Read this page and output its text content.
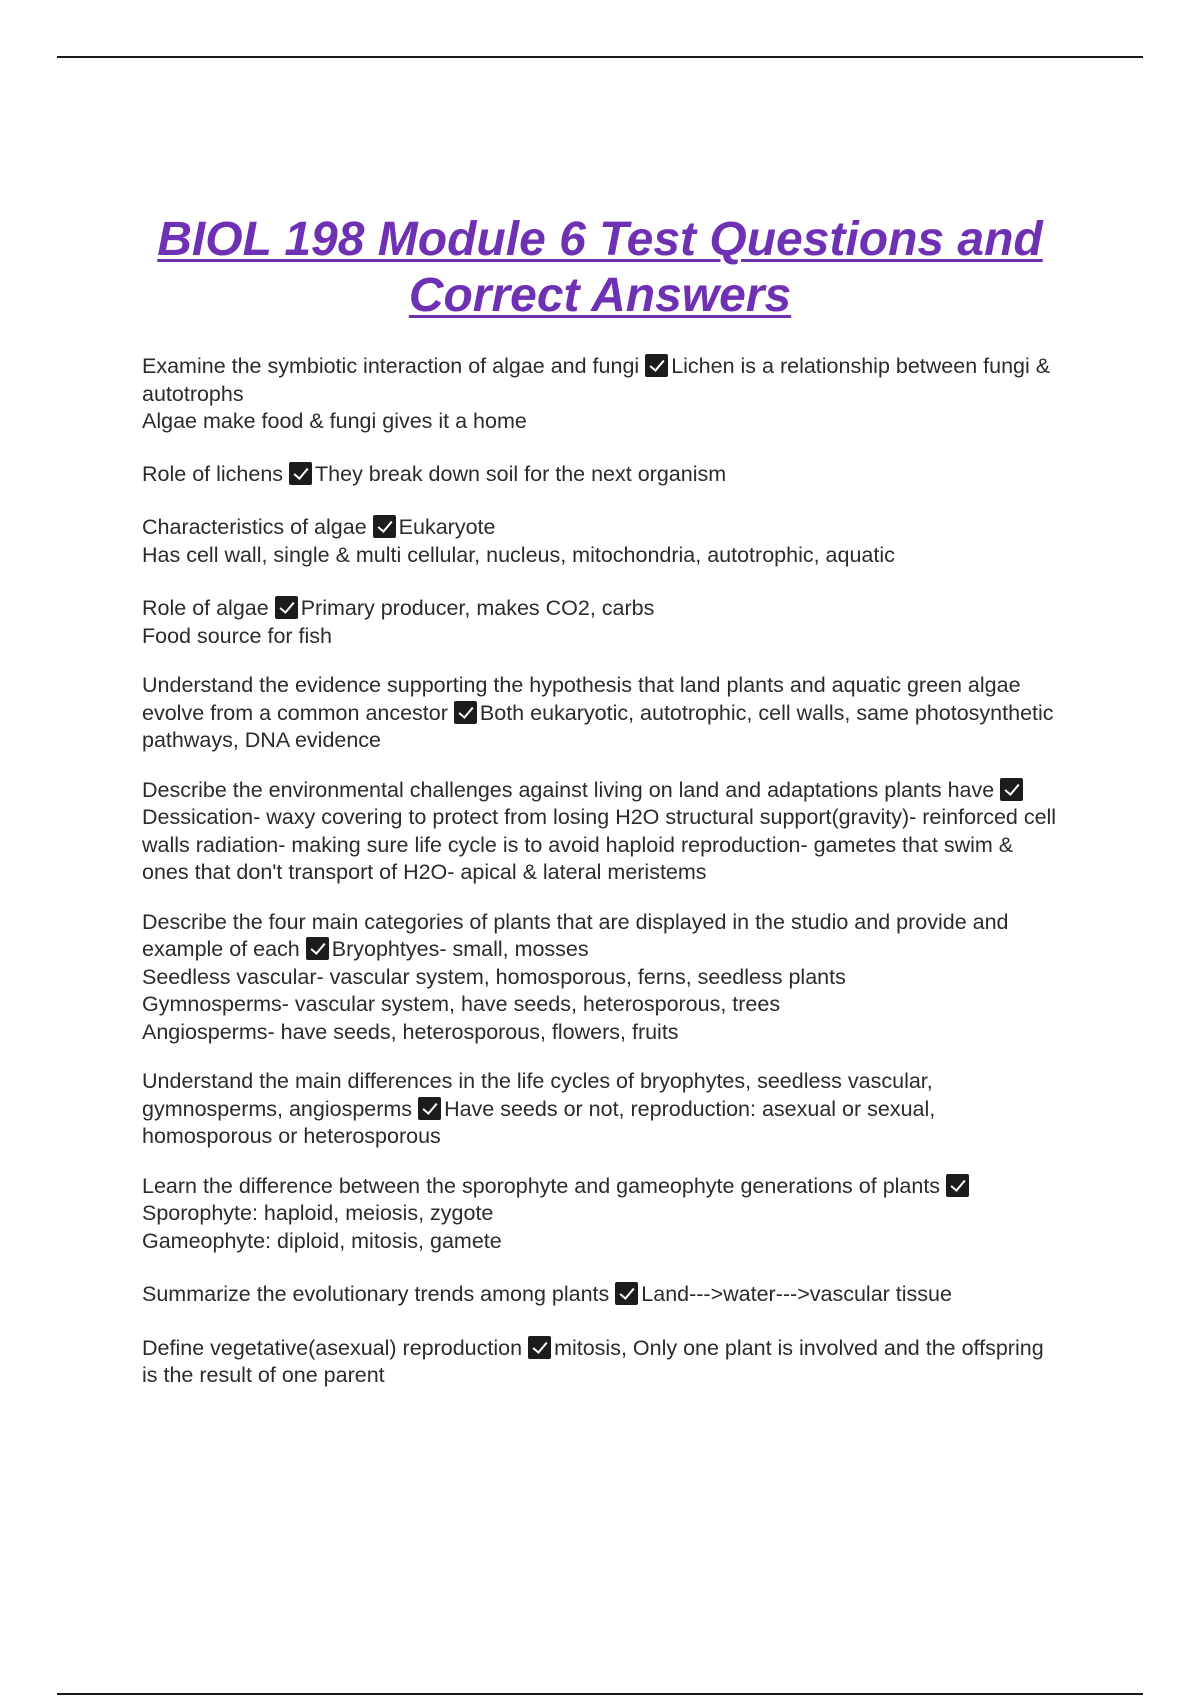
BIOL 198 Module 6 Test Questions and Correct Answers

Examine the symbiotic interaction of algae and fungi Lichen is a relationship between fungi & autotrophs
Algae make food & fungi gives it a home

Role of lichens They break down soil for the next organism

Characteristics of algae Eukaryote
Has cell wall, single & multi cellular, nucleus, mitochondria, autotrophic, aquatic

Role of algae Primary producer, makes CO2, carbs
Food source for fish

Understand the evidence supporting the hypothesis that land plants and aquatic green algae evolve from a common ancestor Both eukaryotic, autotrophic, cell walls, same photosynthetic pathways, DNA evidence

Describe the environmental challenges against living on land and adaptations plants haveDessication- waxy covering to protect from losing H2O structural support(gravity)- reinforced cell walls radiation- making sure life cycle is to avoid haploid reproduction- gametes that swim & ones that don't transport of H2O- apical & lateral meristems

Describe the four main categories of plants that are displayed in the studio and provide and example of each Bryophtyes- small, mosses
Seedless vascular- vascular system, homosporous, ferns, seedless plants
Gymnosperms- vascular system, have seeds, heterosporous, trees
Angiosperms- have seeds, heterosporous, flowers, fruits

Understand the main differences in the life cycles of bryophytes, seedless vascular, gymnosperms, angiosperms Have seeds or not, reproduction: asexual or sexual, homosporous or heterosporous

Learn the difference between the sporophyte and gameophyte generations of plantsSporophyte: haploid, meiosis, zygote
Gameophyte: diploid, mitosis, gamete

Summarize the evolutionary trends among plants Land--->water--->vascular tissue

Define vegetative(asexual) reproduction mitosis, Only one plant is involved and the offspring is the result of one parent
